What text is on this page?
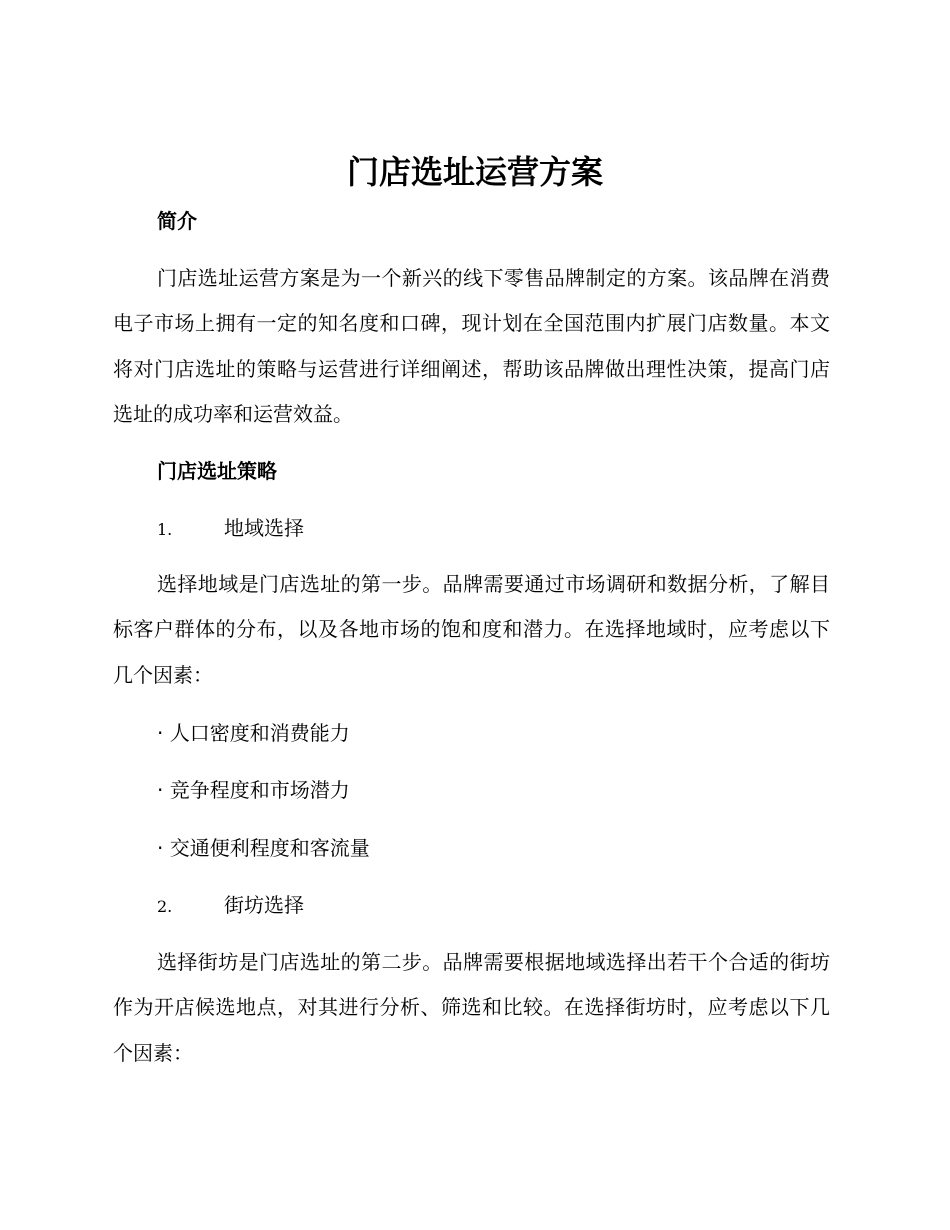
门店选址运营方案
简介
门店选址运营方案是为一个新兴的线下零售品牌制定的方案。该品牌在消费电子市场上拥有一定的知名度和口碑，现计划在全国范围内扩展门店数量。本文将对门店选址的策略与运营进行详细阐述，帮助该品牌做出理性决策，提高门店选址的成功率和运营效益。
门店选址策略
1.	地域选择
选择地域是门店选址的第一步。品牌需要通过市场调研和数据分析，了解目标客户群体的分布，以及各地市场的饱和度和潜力。在选择地域时，应考虑以下几个因素：
· 人口密度和消费能力
· 竞争程度和市场潜力
· 交通便利程度和客流量
2.	街坊选择
选择街坊是门店选址的第二步。品牌需要根据地域选择出若干个合适的街坊作为开店候选地点，对其进行分析、筛选和比较。在选择街坊时，应考虑以下几个因素：
